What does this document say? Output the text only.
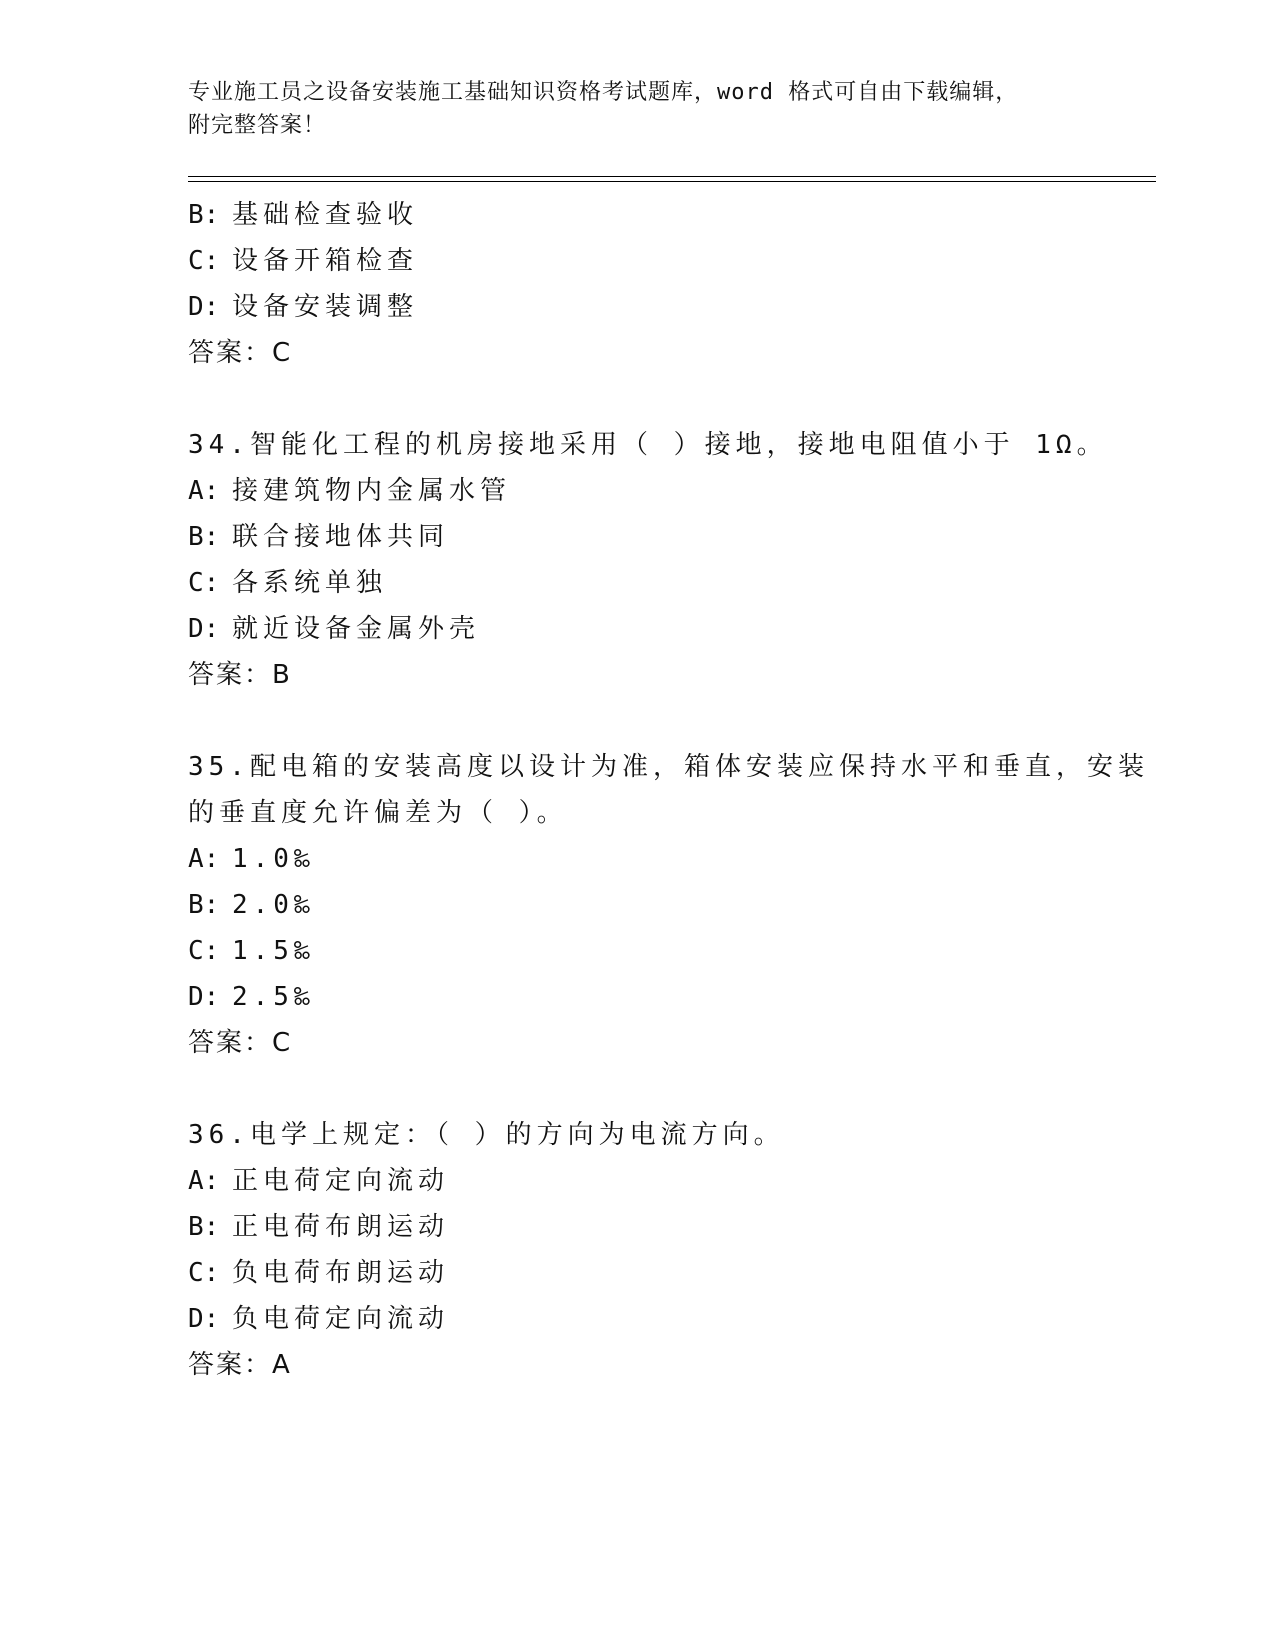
专业施工员之设备安装施工基础知识资格考试题库，word 格式可自由下载编辑，
附完整答案！
B: 基础检查验收
C: 设备开箱检查
D: 设备安装调整
答案：C
34.智能化工程的机房接地采用（ ）接地，接地电阻值小于 1Ω。
A: 接建筑物内金属水管
B: 联合接地体共同
C: 各系统单独
D: 就近设备金属外壳
答案：B
35.配电箱的安装高度以设计为准，箱体安装应保持水平和垂直，安装
的垂直度允许偏差为（ ）。
A: 1.0‰
B: 2.0‰
C: 1.5‰
D: 2.5‰
答案：C
36.电学上规定：（ ）的方向为电流方向。
A: 正电荷定向流动
B: 正电荷布朗运动
C: 负电荷布朗运动
D: 负电荷定向流动
答案：A
